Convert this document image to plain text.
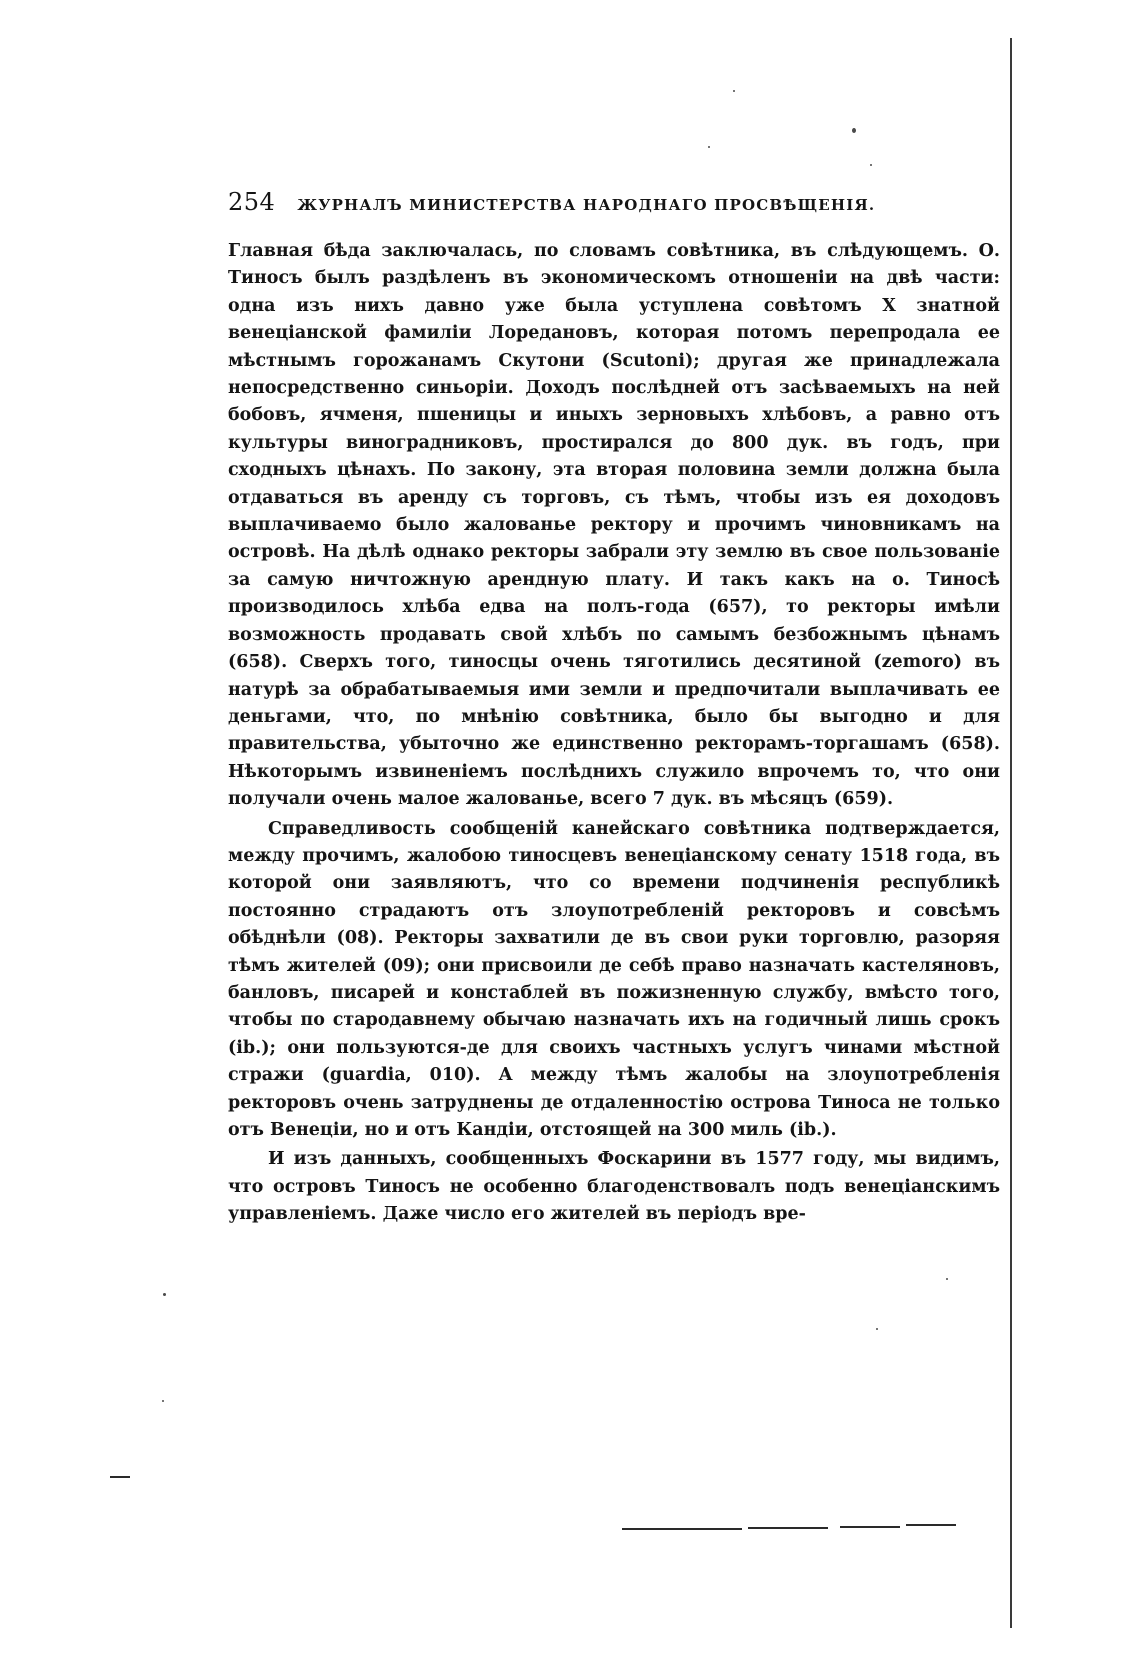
254 ЖУРНАЛЪ МИНИСТЕРСТВА НАРОДНАГО ПРОСВѢЩЕНІЯ.

Главная бѣда заключалась, по словамъ совѣтника, въ слѣдующемъ. О. Тиносъ былъ раздѣленъ въ экономическомъ отношеніи на двѣ части: одна изъ нихъ давно уже была уступлена совѣтомъ X знатной венеціанской фамиліи Лоредановъ, которая потомъ перепродала ее мѣстнымъ горожанамъ Скутони (Scutoni); другая же принадлежала непосредственно синьоріи. Доходъ послѣдней отъ засѣваемыхъ на ней бобовъ, ячменя, пшеницы и иныхъ зерновыхъ хлѣбовъ, а равно отъ культуры виноградниковъ, простирался до 800 дук. въ годъ, при сходныхъ цѣнахъ. По закону, эта вторая половина земли должна была отдаваться въ аренду съ торговъ, съ тѣмъ, чтобы изъ ея доходовъ выплачиваемо было жалованье ректору и прочимъ чиновникамъ на островѣ. На дѣлѣ однако ректоры забрали эту землю въ свое пользованіе за самую ничтожную арендную плату. И такъ какъ на о. Тиносѣ производилось хлѣба едва на полъ-года (657), то ректоры имѣли возможность продавать свой хлѣбъ по самымъ безбожнымъ цѣнамъ (658). Сверхъ того, тиносцы очень тяготились десятиной (zemoro) въ натурѣ за обрабатываемыя ими земли и предпочитали выплачивать ее деньгами, что, по мнѣнію совѣтника, было бы выгодно и для правительства, убыточно же единственно ректорамъ-торгашамъ (658). Нѣкоторымъ извиненіемъ послѣднихъ служило впрочемъ то, что они получали очень малое жалованье, всего 7 дук. въ мѣсяцъ (659).

Справедливость сообщеній канейскаго совѣтника подтверждается, между прочимъ, жалобою тиносцевъ венеціанскому сенату 1518 года, въ которой они заявляютъ, что со времени подчиненія республикѣ постоянно страдаютъ отъ злоупотребленій ректоровъ и совсѣмъ обѣднѣли (08). Ректоры захватили де въ свои руки торговлю, разоряя тѣмъ жителей (09); они присвоили де себѣ право назначать кастеляновъ, банловъ, писарей и констаблей въ пожизненную службу, вмѣсто того, чтобы по стародавнему обычаю назначать ихъ на годичный лишь срокъ (ib.); они пользуются-де для своихъ частныхъ услугъ чинами мѣстной стражи (guardia, 010). А между тѣмъ жалобы на злоупотребленія ректоровъ очень затруднены де отдаленностію острова Тиноса не только отъ Венеціи, но и отъ Кандіи, отстоящей на 300 миль (ib.).

И изъ данныхъ, сообщенныхъ Фоскарини въ 1577 году, мы видимъ, что островъ Тиносъ не особенно благоденствовалъ подъ венеціанскимъ управленіемъ. Даже число его жителей въ періодъ вре-
